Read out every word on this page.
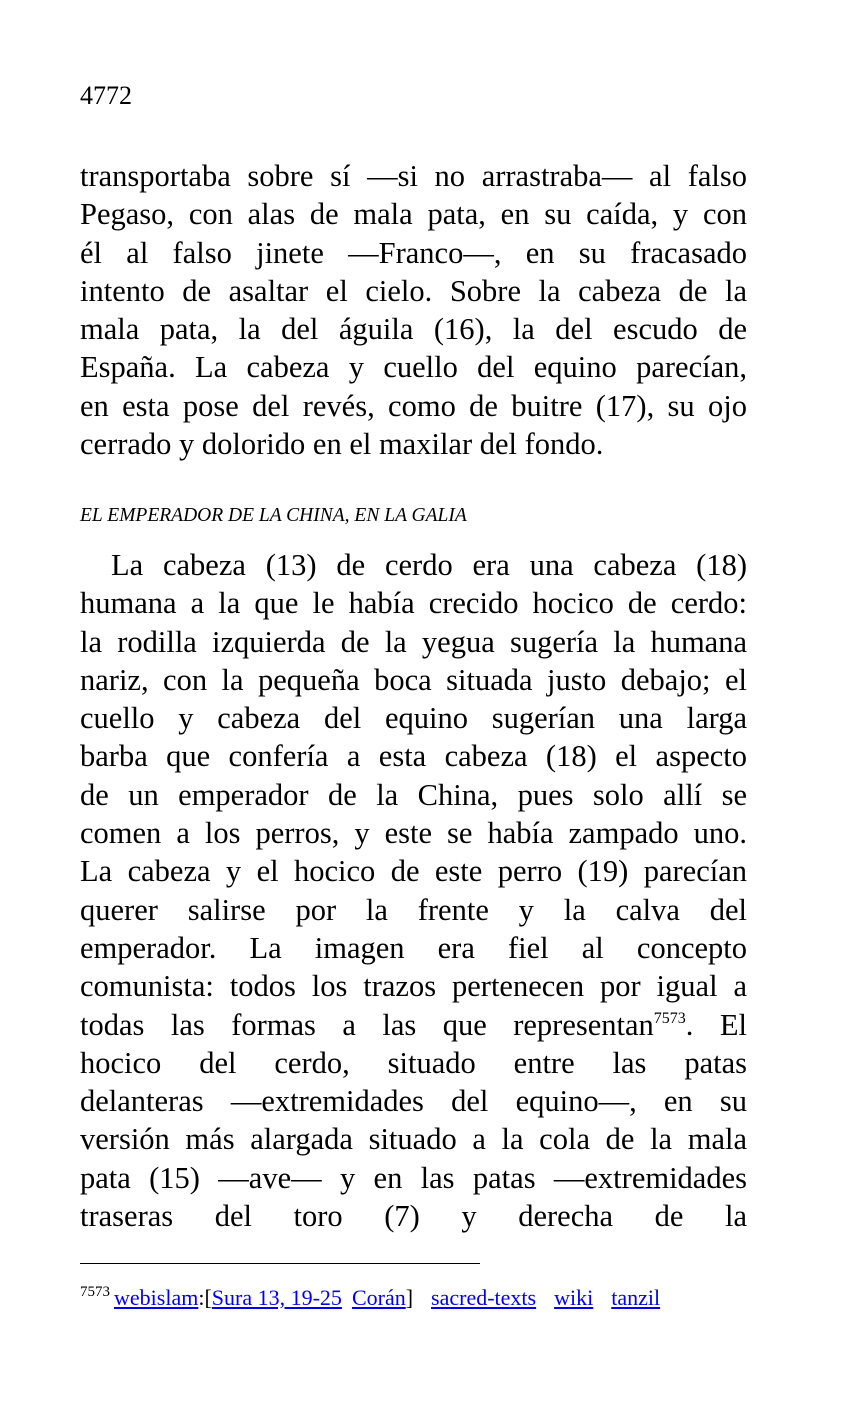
4772
transportaba sobre sí —si no arrastraba— al falso
Pegaso, con alas de mala pata, en su caída, y con
él al falso jinete —Franco—, en su fracasado
intento de asaltar el cielo. Sobre la cabeza de la
mala pata, la del águila (16), la del escudo de
España. La cabeza y cuello del equino parecían,
en esta pose del revés, como de buitre (17), su ojo
cerrado y dolorido en el maxilar del fondo.
EL EMPERADOR DE LA CHINA, EN LA GALIA
La cabeza (13) de cerdo era una cabeza (18)
humana a la que le había crecido hocico de cerdo:
la rodilla izquierda de la yegua sugería la humana
nariz, con la pequeña boca situada justo debajo; el
cuello y cabeza del equino sugerían una larga
barba que confería a esta cabeza (18) el aspecto
de un emperador de la China, pues solo allí se
comen a los perros, y este se había zampado uno.
La cabeza y el hocico de este perro (19) parecían
querer salirse por la frente y la calva del
emperador. La imagen era fiel al concepto
comunista: todos los trazos pertenecen por igual a
todas las formas a las que representan$^{7573}$. El
hocico del cerdo, situado entre las patas
delanteras —extremidades del equino—, en su
versión más alargada situado a la cola de la mala
pata (15) —ave— y en las patas —extremidades
traseras del toro (7) y derecha de la
$^{7573}$ webislam:[Sura 13, 19-25 Corán] sacred-texts wiki tanzil
